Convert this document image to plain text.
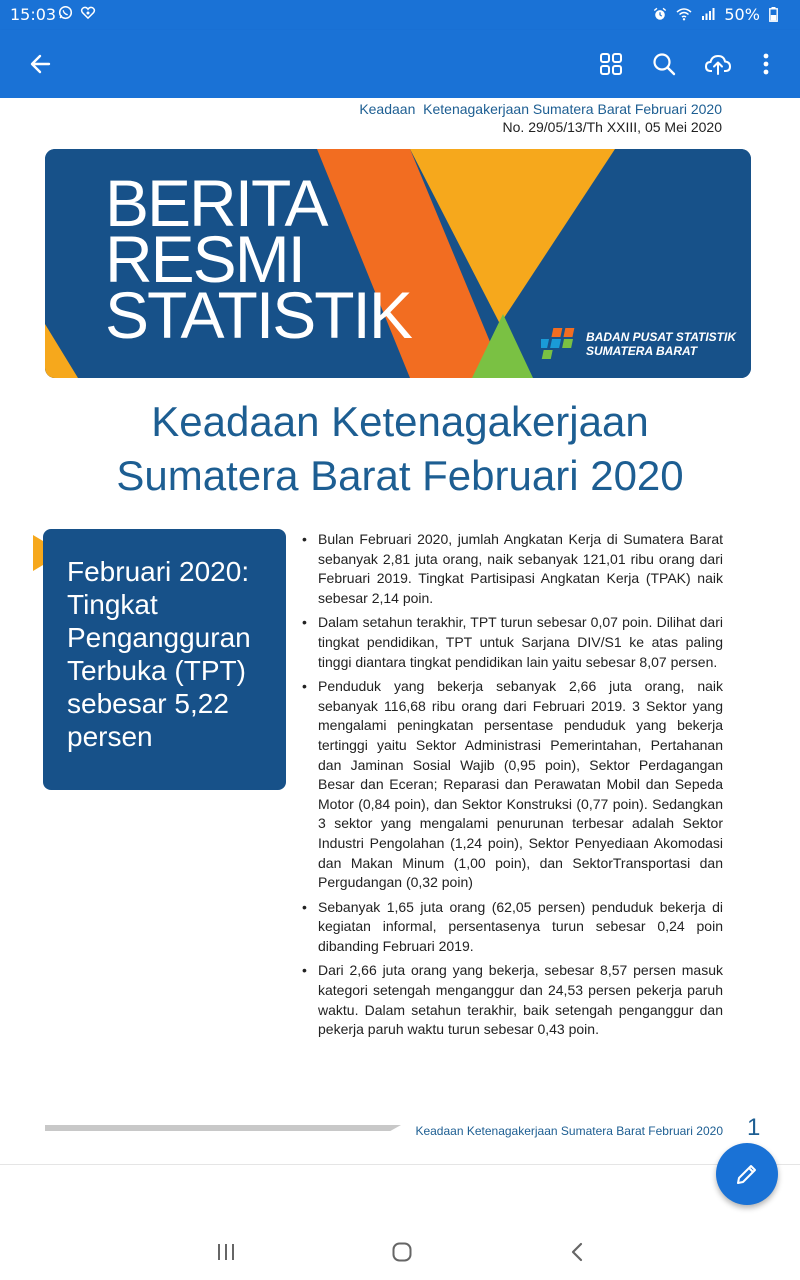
15:03
	50%
Keadaan  Ketenagakerjaan Sumatera Barat Februari 2020
No. 29/05/13/Th XXIII, 05 Mei 2020
BERITA
RESMI
STATISTIK	BADAN PUSAT STATISTIK
SUMATERA BARAT
Keadaan Ketenagakerjaan
Sumatera Barat Februari 2020
Februari 2020: Tingkat Pengangguran Terbuka (TPT) sebesar 5,22 persen
• Bulan Februari 2020, jumlah Angkatan Kerja di Sumatera Barat sebanyak 2,81 juta orang, naik sebanyak 121,01 ribu orang dari Februari 2019. Tingkat Partisipasi Angkatan Kerja (TPAK) naik sebesar 2,14 poin.
• Dalam setahun terakhir, TPT turun sebesar 0,07 poin. Dilihat dari tingkat pendidikan, TPT untuk Sarjana DIV/S1 ke atas paling tinggi diantara tingkat pendidikan lain yaitu sebesar 8,07 persen.
• Penduduk yang bekerja sebanyak 2,66 juta orang, naik sebanyak 116,68 ribu orang dari Februari 2019. 3 Sektor yang mengalami peningkatan persentase penduduk yang bekerja tertinggi yaitu Sektor Administrasi Pemerintahan, Pertahanan dan Jaminan Sosial Wajib (0,95 poin), Sektor Perdagangan Besar dan Eceran; Reparasi dan Perawatan Mobil dan Sepeda Motor (0,84 poin), dan Sektor Konstruksi (0,77 poin). Sedangkan 3 sektor yang mengalami penurunan terbesar adalah Sektor Industri Pengolahan (1,24 poin), Sektor Penyediaan Akomodasi dan Makan Minum (1,00 poin), dan SektorTransportasi dan Pergudangan (0,32 poin)
• Sebanyak 1,65 juta orang (62,05 persen) penduduk bekerja di kegiatan informal, persentasenya turun sebesar 0,24 poin dibanding Februari 2019.
• Dari 2,66 juta orang yang bekerja, sebesar 8,57 persen masuk kategori setengah menganggur dan 24,53 persen pekerja paruh waktu. Dalam setahun terakhir, baik setengah penganggur dan pekerja paruh waktu turun sebesar 0,43 poin.
Keadaan Ketenagakerjaan Sumatera Barat Februari 2020 1
